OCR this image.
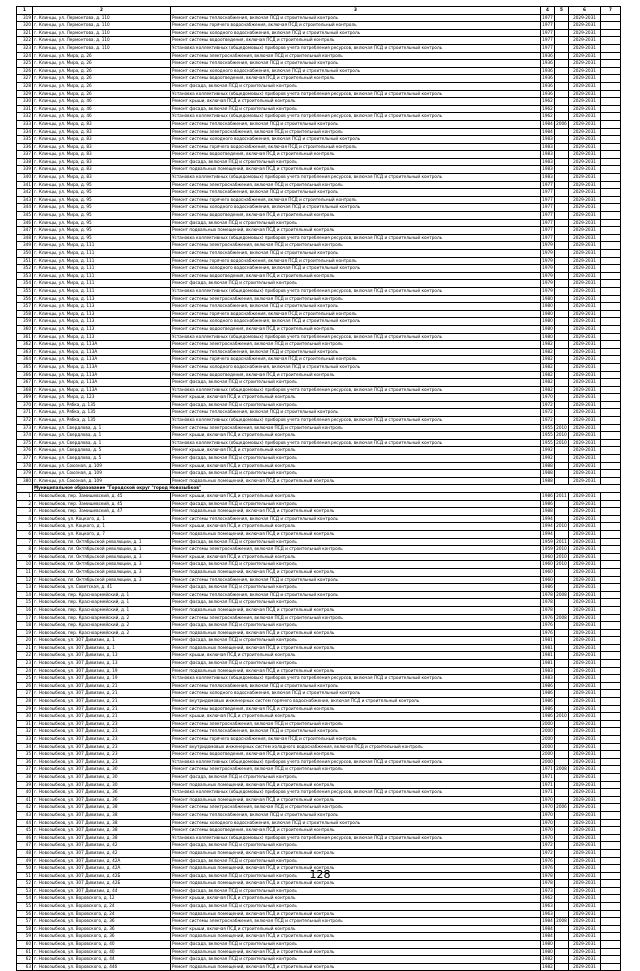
1	2	3	4	5	6	7
319	г. Клинцы, ул. Лермонтова, д. 110	Ремонт системы теплоснабжения, включая ПСД и строительный контроль	1977		2029-2031	
320	г. Клинцы, ул. Лермонтова, д. 110	Ремонт системы горячего водоснабжения, включая ПСД и строительный контроль	1977		2029-2031	
321	г. Клинцы, ул. Лермонтова, д. 110	Ремонт системы холодного водоснабжения, включая ПСД и строительный контроль	1977		2029-2031	
322	г. Клинцы, ул. Лермонтова, д. 110	Ремонт системы водоотведения, включая ПСД и строительный контроль	1977		2029-2031	
323	г. Клинцы, ул. Лермонтова, д. 110	Установка коллективных (общедомовых) приборов учета потребления ресурсов, включая ПСД и строительный контроль	1977		2029-2031	
324	г. Клинцы, ул. Мира, д. 26	Ремонт системы электроснабжения, включая ПСД и строительный контроль	1936		2029-2031	
325	г. Клинцы, ул. Мира, д. 26	Ремонт системы теплоснабжения, включая ПСД и строительный контроль	1936		2029-2031	
326	г. Клинцы, ул. Мира, д. 26	Ремонт системы холодного водоснабжения, включая ПСД и строительный контроль	1936		2029-2031	
327	г. Клинцы, ул. Мира, д. 26	Ремонт системы водоотведения, включая ПСД и строительный контроль	1936		2029-2031	
328	г. Клинцы, ул. Мира, д. 26	Ремонт фасада, включая ПСД и строительный контроль	1936		2029-2031	
329	г. Клинцы, ул. Мира, д. 26	Установка коллективных (общедомовых) приборов учета потребления ресурсов, включая ПСД и строительный контроль	1936		2029-2031	
330	г. Клинцы, ул. Мира, д. 46	Ремонт крыши, включая ПСД и строительный контроль	1962		2029-2031	
331	г. Клинцы, ул. Мира, д. 46	Ремонт фасада, включая ПСД и строительный контроль	1962		2029-2031	
332	г. Клинцы, ул. Мира, д. 46	Установка коллективных (общедомовых) приборов учета потребления ресурсов, включая ПСД и строительный контроль	1962		2029-2031	
333	г. Клинцы, ул. Мира, д. 83	Ремонт системы теплоснабжения, включая ПСД и строительный контроль	1984	2006	2029-2031	
334	г. Клинцы, ул. Мира, д. 83	Ремонт системы электроснабжения, включая ПСД и строительный контроль	1984		2029-2031	
335	г. Клинцы, ул. Мира, д. 83	Ремонт системы холодного водоснабжения, включая ПСД и строительный контроль	1983		2029-2031	
336	г. Клинцы, ул. Мира, д. 83	Ремонт системы горячего водоснабжения, включая ПСД и строительный контроль	1983		2029-2031	
337	г. Клинцы, ул. Мира, д. 83	Ремонт системы водоотведения, включая ПСД и строительный контроль	1983		2029-2031	
338	г. Клинцы, ул. Мира, д. 83	Ремонт фасада, включая ПСД и строительный контроль	1983		2029-2031	
339	г. Клинцы, ул. Мира, д. 83	Ремонт подвальных помещений, включая ПСД и строительный контроль	1983		2029-2031	
340	г. Клинцы, ул. Мира, д. 83	Установка коллективных (общедомовых) приборов учета потребления ресурсов, включая ПСД и строительный контроль	1983		2029-2031	
341	г. Клинцы, ул. Мира, д. 95	Ремонт системы электроснабжения, включая ПСД и строительный контроль	1977		2029-2031	
342	г. Клинцы, ул. Мира, д. 95	Ремонт системы теплоснабжения, включая ПСД и строительный контроль	1977		2029-2031	
343	г. Клинцы, ул. Мира, д. 95	Ремонт системы горячего водоснабжения, включая ПСД и строительный контроль	1977		2029-2031	
344	г. Клинцы, ул. Мира, д. 95	Ремонт системы холодного водоснабжения, включая ПСД и строительный контроль	1977		2029-2031	
345	г. Клинцы, ул. Мира, д. 95	Ремонт системы водоотведения, включая ПСД и строительный контроль	1977		2029-2031	
346	г. Клинцы, ул. Мира, д. 95	Ремонт фасада, включая ПСД и строительный контроль	1977		2029-2031	
347	г. Клинцы, ул. Мира, д. 95	Ремонт подвальных помещений, включая ПСД и строительный контроль	1977		2029-2031	
348	г. Клинцы, ул. Мира, д. 95	Установка коллективных (общедомовых) приборов учета потребления ресурсов, включая ПСД и строительный контроль	1977		2029-2031	
349	г. Клинцы, ул. Мира, д. 111	Ремонт системы электроснабжения, включая ПСД и строительный контроль	1979		2029-2031	
350	г. Клинцы, ул. Мира, д. 111	Ремонт системы теплоснабжения, включая ПСД и строительный контроль	1979		2029-2031	
351	г. Клинцы, ул. Мира, д. 111	Ремонт системы горячего водоснабжения, включая ПСД и строительный контроль	1979		2029-2031	
352	г. Клинцы, ул. Мира, д. 111	Ремонт системы холодного водоснабжения, включая ПСД и строительный контроль	1979		2029-2031	
353	г. Клинцы, ул. Мира, д. 111	Ремонт системы водоотведения, включая ПСД и строительный контроль	1979		2029-2031	
354	г. Клинцы, ул. Мира, д. 111	Ремонт фасада, включая ПСД и строительный контроль	1979		2029-2031	
355	г. Клинцы, ул. Мира, д. 111	Установка коллективных (общедомовых) приборов учета потребления ресурсов, включая ПСД и строительный контроль	1979		2029-2031	
356	г. Клинцы, ул. Мира, д. 113	Ремонт системы электроснабжения, включая ПСД и строительный контроль	1980		2029-2031	
357	г. Клинцы, ул. Мира, д. 113	Ремонт системы теплоснабжения, включая ПСД и строительный контроль	1980		2029-2031	
358	г. Клинцы, ул. Мира, д. 113	Ремонт системы горячего водоснабжения, включая ПСД и строительный контроль	1980		2029-2031	
359	г. Клинцы, ул. Мира, д. 113	Ремонт системы холодного водоснабжения, включая ПСД и строительный контроль	1980		2029-2031	
360	г. Клинцы, ул. Мира, д. 113	Ремонт системы водоотведения, включая ПСД и строительный контроль	1980		2029-2031	
361	г. Клинцы, ул. Мира, д. 113	Установка коллективных (общедомовых) приборов учета потребления ресурсов, включая ПСД и строительный контроль	1980		2029-2031	
362	г. Клинцы, ул. Мира, д. 113А	Ремонт системы электроснабжения, включая ПСД и строительный контроль	1982		2029-2031	
363	г. Клинцы, ул. Мира, д. 113А	Ремонт системы теплоснабжения, включая ПСД и строительный контроль	1982		2029-2031	
364	г. Клинцы, ул. Мира, д. 113А	Ремонт системы горячего водоснабжения, включая ПСД и строительный контроль	1982		2029-2031	
365	г. Клинцы, ул. Мира, д. 113А	Ремонт системы холодного водоснабжения, включая ПСД и строительный контроль	1982		2029-2031	
366	г. Клинцы, ул. Мира, д. 113А	Ремонт системы водоотведения, включая ПСД и строительный контроль	1982		2029-2031	
367	г. Клинцы, ул. Мира, д. 113А	Ремонт фасада, включая ПСД и строительный контроль	1982		2029-2031	
368	г. Клинцы, ул. Мира, д. 113А	Установка коллективных (общедомовых) приборов учета потребления ресурсов, включая ПСД и строительный контроль	1982		2029-2031	
369	г. Клинцы, ул. Мира, д. 123	Ремонт крыши, включая ПСД и строительный контроль	1970		2029-2031	
370	г. Клинцы, ул. Рябка, д. 135	Ремонт фасада, включая ПСД и строительный контроль	1972		2029-2031	
371	г. Клинцы, ул. Рябка, д. 135	Ремонт системы теплоснабжения, включая ПСД и строительный контроль	1972		2029-2031	
372	г. Клинцы, ул. Рябка, д. 135	Установка коллективных (общедомовых) приборов учета потребления ресурсов, включая ПСД и строительный контроль	1972		2029-2031	
373	г. Клинцы, ул. Свердлова, д. 1	Ремонт системы электроснабжения, включая ПСД и строительный контроль	1955	2010	2029-2031	
374	г. Клинцы, ул. Свердлова, д. 1	Ремонт крыши, включая ПСД и строительный контроль	1955	2010	2029-2031	
375	г. Клинцы, ул. Свердлова, д. 1	Установка коллективных (общедомовых) приборов учета потребления ресурсов, включая ПСД и строительный контроль	1955	2010	2029-2031	
376	г. Клинцы, ул. Свердлова, д. 5	Ремонт крыши, включая ПСД и строительный контроль	1992		2029-2031	
377	г. Клинцы, ул. Свердлова, д. 5	Ремонт фасада, включая ПСД и строительный контроль	1992		2029-2031	
378	г. Клинцы, ул. Союзная, д. 109	Ремонт крыши, включая ПСД и строительный контроль	1988		2029-2031	
379	г. Клинцы, ул. Союзная, д. 109	Ремонт фасада, включая ПСД и строительный контроль	1988		2029-2031	
380	г. Клинцы, ул. Союзная, д. 109	Ремонт подвальных помещений, включая ПСД и строительный контроль	1988		2029-2031	
	Муниципальное образование "Городской округ "город Новозыбков"					
1	г. Новозыбков, пер. Замишевский, д. 45	Ремонт крыши, включая ПСД и строительный контроль	1986	2011	2029-2031	
2	г. Новозыбков, пер. Замишевский, д. 45	Ремонт фасада, включая ПСД и строительный контроль	1986		2029-2031	
3	г. Новозыбков, пер. Замишевский, д. 47	Ремонт подвальных помещений, включая ПСД и строительный контроль	1988		2029-2031	
4	г. Новозыбков, ул. Коцкого, д. 1	Ремонт системы теплоснабжения, включая ПСД и строительный контроль	1994		2029-2031	
5	г. Новозыбков, ул. Коцкого, д. 1	Ремонт крыши, включая ПСД и строительный контроль	1994	2010	2029-2031	
6	г. Новозыбков, ул. Коцкого, д. 7	Ремонт подвальных помещений, включая ПСД и строительный контроль	1994		2029-2031	
7	г. Новозыбков, пл. Октябрьской революции, д. 1	Ремонт фасада, включая ПСД и строительный контроль	1959	2011	2029-2031	
8	г. Новозыбков, пл. Октябрьской революции, д. 1	Ремонт системы электроснабжения, включая ПСД и строительный контроль	1959	2010	2029-2031	
9	г. Новозыбков, пл. Октябрьской революции, д. 3	Ремонт крыши, включая ПСД и строительный контроль	1960	2010	2029-2031	
10	г. Новозыбков, пл. Октябрьской революции, д. 3	Ремонт фасада, включая ПСД и строительный контроль	1960	2010	2029-2031	
11	г. Новозыбков, пл. Октябрьской революции, д. 3	Ремонт подвальных помещений, включая ПСД и строительный контроль	1960		2029-2031	
12	г. Новозыбков, пл. Октябрьской революции, д. 3	Ремонт системы теплоснабжения, включая ПСД и строительный контроль	1960		2029-2031	
13	г. Новозыбков, ул. Советская, д. 41	Ремонт фасада, включая ПСД и строительный контроль	1986		2029-2031	
14	г. Новозыбков, пер. Красноармейский, д. 1	Ремонт системы теплоснабжения, включая ПСД и строительный контроль	1978	2008	2029-2031	
15	г. Новозыбков, пер. Красноармейский, д. 1	Ремонт фасада, включая ПСД и строительный контроль	1978		2029-2031	
16	г. Новозыбков, пер. Красноармейский, д. 1	Ремонт подвальных помещений, включая ПСД и строительный контроль	1978		2029-2031	
17	г. Новозыбков, пер. Красноармейский, д. 2	Ремонт системы электроснабжения, включая ПСД и строительный контроль	1976	2008	2029-2031	
18	г. Новозыбков, пер. Красноармейский, д. 2	Ремонт фасада, включая ПСД и строительный контроль	1976		2029-2031	
19	г. Новозыбков, пер. Красноармейский, д. 2	Ремонт подвальных помещений, включая ПСД и строительный контроль	1976		2029-2031	
20	г. Новозыбков, ул. 307 Дивизии, д. 1	Ремонт фасада, включая ПСД и строительный контроль	1981		2029-2031	
21	г. Новозыбков, ул. 307 Дивизии, д. 1	Ремонт подвальных помещений, включая ПСД и строительный контроль	1981		2029-2031	
22	г. Новозыбков, ул. 307 Дивизии, д. 13	Ремонт крыши, включая ПСД и строительный контроль	1981		2029-2031	
23	г. Новозыбков, ул. 307 Дивизии, д. 13	Ремонт фасада, включая ПСД и строительный контроль	1981		2029-2031	
24	г. Новозыбков, ул. 307 Дивизии, д. 19	Ремонт подвальных помещений, включая ПСД и строительный контроль	1983		2029-2031	
25	г. Новозыбков, ул. 307 Дивизии, д. 19	Установка коллективных (общедомовых) приборов учета потребления ресурсов, включая ПСД и строительный контроль	1983		2029-2031	
26	г. Новозыбков, ул. 307 Дивизии, д. 21	Ремонт системы теплоснабжения, включая ПСД и строительный контроль	1986		2029-2031	
27	г. Новозыбков, ул. 307 Дивизии, д. 21	Ремонт системы холодного водоснабжения, включая ПСД и строительный контроль	1986		2029-2031	
28	г. Новозыбков, ул. 307 Дивизии, д. 21	Ремонт внутридомовых инженерных систем горячего водоснабжения, включая ПСД и строительный контроль	1986		2029-2031	
29	г. Новозыбков, ул. 307 Дивизии, д. 21	Ремонт системы водоотведения, включая ПСД и строительный контроль	1986		2029-2031	
30	г. Новозыбков, ул. 307 Дивизии, д. 21	Ремонт крыши, включая ПСД и строительный контроль	1986	2010	2029-2031	
31	г. Новозыбков, ул. 307 Дивизии, д. 23	Ремонт системы электроснабжения, включая ПСД и строительный контроль	2000		2029-2031	
32	г. Новозыбков, ул. 307 Дивизии, д. 23	Ремонт системы теплоснабжения, включая ПСД и строительный контроль	2000		2029-2031	
33	г. Новозыбков, ул. 307 Дивизии, д. 23	Ремонт системы горячего водоснабжения, включая ПСД и строительный контроль	2000		2029-2031	
34	г. Новозыбков, ул. 307 Дивизии, д. 23	Ремонт внутридомовых инженерных систем холодного водоснабжения, включая ПСД и строительный контроль	2000		2029-2031	
35	г. Новозыбков, ул. 307 Дивизии, д. 23	Ремонт системы водоотведения, включая ПСД и строительный контроль	2000		2029-2031	
36	г. Новозыбков, ул. 307 Дивизии, д. 23	Установка коллективных (общедомовых) приборов учета потребления ресурсов, включая ПСД и строительный контроль	2000		2029-2031	
37	г. Новозыбков, ул. 307 Дивизии, д. 30	Ремонт системы электроснабжения, включая ПСД и строительный контроль	1971	2008	2029-2031	
38	г. Новозыбков, ул. 307 Дивизии, д. 30	Ремонт фасада, включая ПСД и строительный контроль	1971		2029-2031	
39	г. Новозыбков, ул. 307 Дивизии, д. 30	Ремонт подвальных помещений, включая ПСД и строительный контроль	1971		2029-2031	
40	г. Новозыбков, ул. 307 Дивизии, д. 36	Установка коллективных (общедомовых) приборов учета потребления ресурсов, включая ПСД и строительный контроль	1971		2029-2031	
41	г. Новозыбков, ул. 307 Дивизии, д. 36	Ремонт подвальных помещений, включая ПСД и строительный контроль	1970		2029-2031	
42	г. Новозыбков, ул. 307 Дивизии, д. 38	Ремонт системы электроснабжения, включая ПСД и строительный контроль	1970	2006	2029-2031	
43	г. Новозыбков, ул. 307 Дивизии, д. 38	Ремонт системы теплоснабжения, включая ПСД и строительный контроль	1970		2029-2031	
44	г. Новозыбков, ул. 307 Дивизии, д. 38	Ремонт системы холодного водоснабжения, включая ПСД и строительный контроль	1970		2029-2031	
45	г. Новозыбков, ул. 307 Дивизии, д. 38	Ремонт системы водоотведения, включая ПСД и строительный контроль	1970		2029-2031	
46	г. Новозыбков, ул. 307 Дивизии, д. 38	Установка коллективных (общедомовых) приборов учета потребления ресурсов, включая ПСД и строительный контроль	1970		2029-2031	
47	г. Новозыбков, ул. 307 Дивизии, д. 42	Ремонт фасада, включая ПСД и строительный контроль	1972		2029-2031	
48	г. Новозыбков, ул. 307 Дивизии, д. 42	Ремонт подвальных помещений, включая ПСД и строительный контроль	1972		2029-2031	
49	г. Новозыбков, ул. 307 Дивизии, д. 42А	Ремонт фасада, включая ПСД и строительный контроль	1976		2029-2031	
50	г. Новозыбков, ул. 307 Дивизии, д. 42А	Ремонт подвальных помещений, включая ПСД и строительный контроль	1976		2029-2031	
51	г. Новозыбков, ул. 307 Дивизии, д. 42Б	Ремонт фасада, включая ПСД и строительный контроль	1978		2029-2031	
52	г. Новозыбков, ул. 307 Дивизии, д. 42Б	Ремонт подвальных помещений, включая ПСД и строительный контроль	1978		2029-2031	
53	г. Новозыбков, ул. 307 Дивизии, д. 44	Ремонт фасада, включая ПСД и строительный контроль	1973		2029-2031	
54	г. Новозыбков, ул. Воровского, д. 12	Ремонт крыши, включая ПСД и строительный контроль	1962		2029-2031	
55	г. Новозыбков, ул. Воровского, д. 24	Ремонт фасада, включая ПСД и строительный контроль	1963		2029-2031	
56	г. Новозыбков, ул. Воровского, д. 24	Ремонт подвальных помещений, включая ПСД и строительный контроль	1963		2029-2031	
57	г. Новозыбков, ул. Воровского, д. 36	Ремонт системы электроснабжения, включая ПСД и строительный контроль	1984	2008	2029-2031	
58	г. Новозыбков, ул. Воровского, д. 36	Ремонт крыши, включая ПСД и строительный контроль	1984		2029-2031	
59	г. Новозыбков, ул. Воровского, д. 36	Ремонт подвальных помещений, включая ПСД и строительный контроль	1984		2029-2031	
60	г. Новозыбков, ул. Воровского, д. 40	Ремонт фасада, включая ПСД и строительный контроль	1980		2029-2031	
61	г. Новозыбков, ул. Воровского, д. 40	Ремонт подвальных помещений, включая ПСД и строительный контроль	1980		2029-2031	
62	г. Новозыбков, ул. Воровского, д. 44	Ремонт фасада, включая ПСД и строительный контроль	1982		2029-2031	
63	г. Новозыбков, ул. Воровского, д. 44б	Ремонт подвальных помещений, включая ПСД и строительный контроль	1982		2029-2031	
128
